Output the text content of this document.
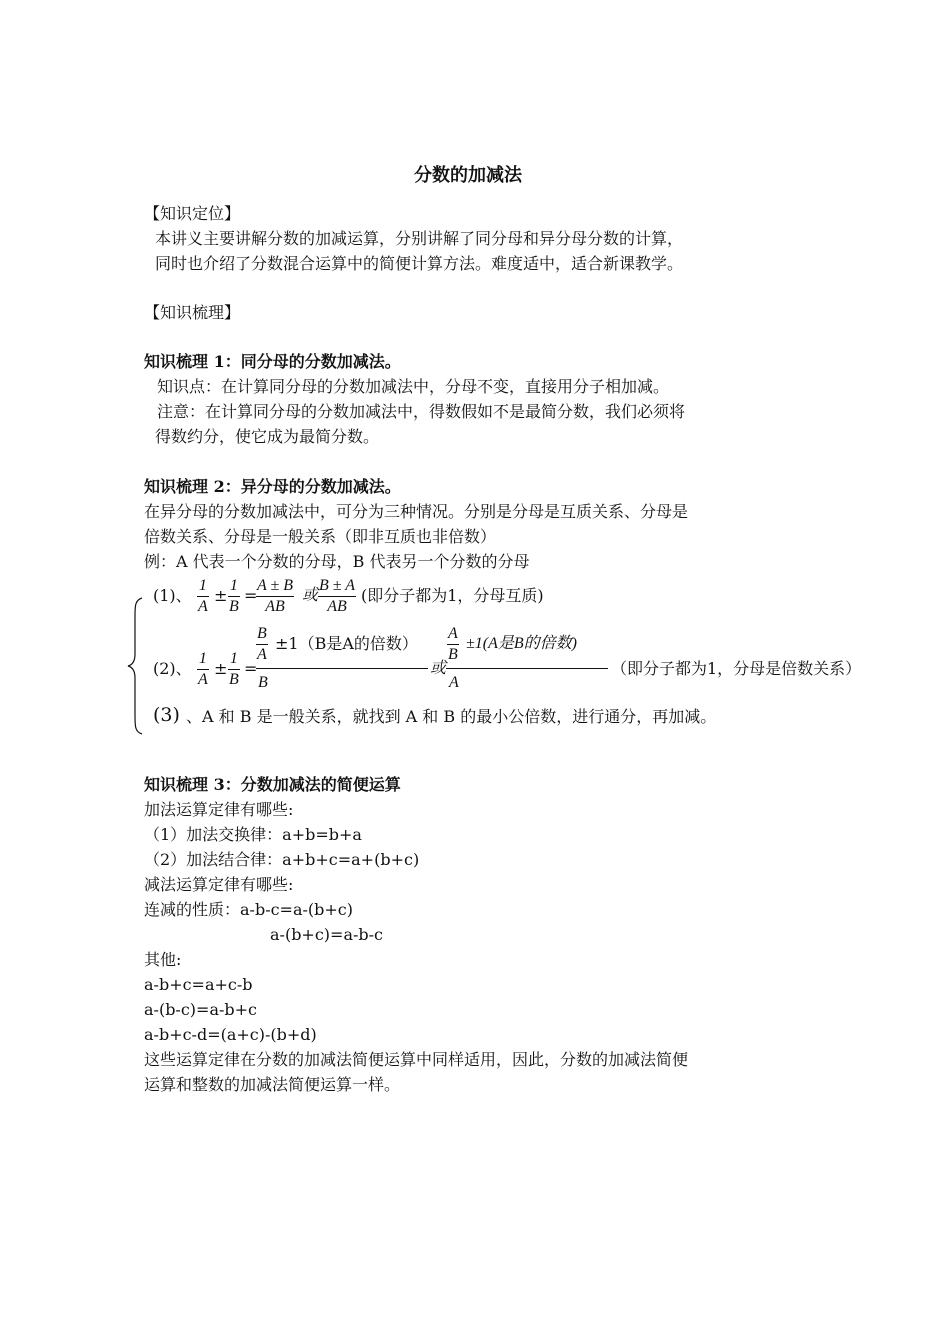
分数的加减法
【知识定位】
本讲义主要讲解分数的加减运算，分别讲解了同分母和异分母分数的计算，
同时也介绍了分数混合运算中的简便计算方法。难度适中，适合新课教学。
【知识梳理】
知识梳理 1：同分母的分数加减法。
知识点：在计算同分母的分数加减法中，分母不变，直接用分子相加减。
注意：在计算同分母的分数加减法中，得数假如不是最简分数，我们必须将
得数约分，使它成为最简分数。
知识梳理 2：异分母的分数加减法。
在异分母的分数加减法中，可分为三种情况。分别是分母是互质关系、分母是
倍数关系、分母是一般关系（即非互质也非倍数）
例：A 代表一个分数的分母，B 代表另一个分数的分母
(1)、 $\frac{1}{A} \pm \frac{1}{B}$ =
$\frac{A \pm B}{AB}$ 或 $\frac{B \pm A}{AB}$ (即分子都为1，分母互质)
(2)、 $\frac{1}{A} \pm \frac{1}{B}$ =
$\frac{B}{A} \pm 1(B$是A的倍数）
B
或
$\frac{A}{B} \pm 1(A$是B的倍数)
A
（即分子都为1，分母是倍数关系）
(3) 、A 和 B 是一般关系，就找到 A 和 B 的最小公倍数，进行通分，再加减。
知识梳理 3：分数加减法的简便运算
加法运算定律有哪些:
（1）加法交换律：a+b=b+a
（2）加法结合律：a+b+c=a+(b+c)
减法运算定律有哪些:
连减的性质：a-b-c=a-(b+c)
a-(b+c)=a-b-c
其他:
a-b+c=a+c-b
a-(b-c)=a-b+c
a-b+c-d=(a+c)-(b+d)
这些运算定律在分数的加减法简便运算中同样适用，因此，分数的加减法简便
运算和整数的加减法简便运算一样。
